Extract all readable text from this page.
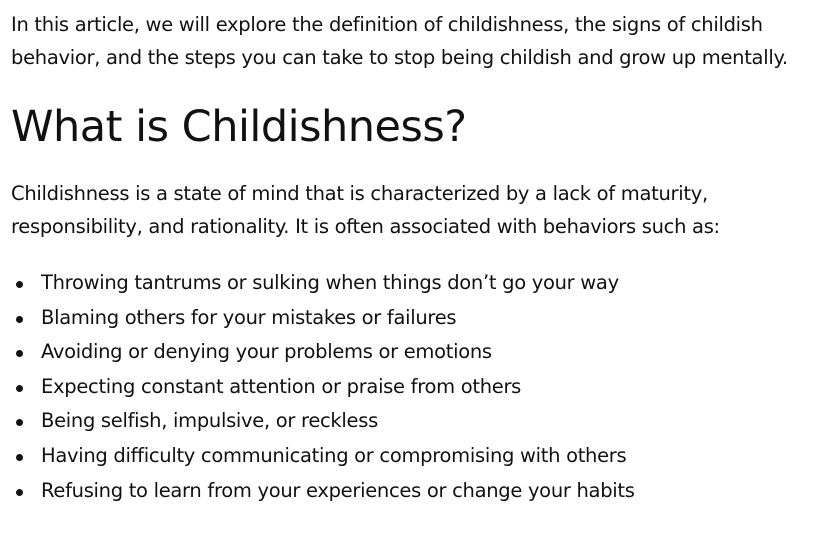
In this article, we will explore the definition of childishness, the signs of childish behavior, and the steps you can take to stop being childish and grow up mentally.

What is Childishness?

Childishness is a state of mind that is characterized by a lack of maturity, responsibility, and rationality. It is often associated with behaviors such as:

Throwing tantrums or sulking when things don’t go your way
Blaming others for your mistakes or failures
Avoiding or denying your problems or emotions
Expecting constant attention or praise from others
Being selfish, impulsive, or reckless
Having difficulty communicating or compromising with others
Refusing to learn from your experiences or change your habits
